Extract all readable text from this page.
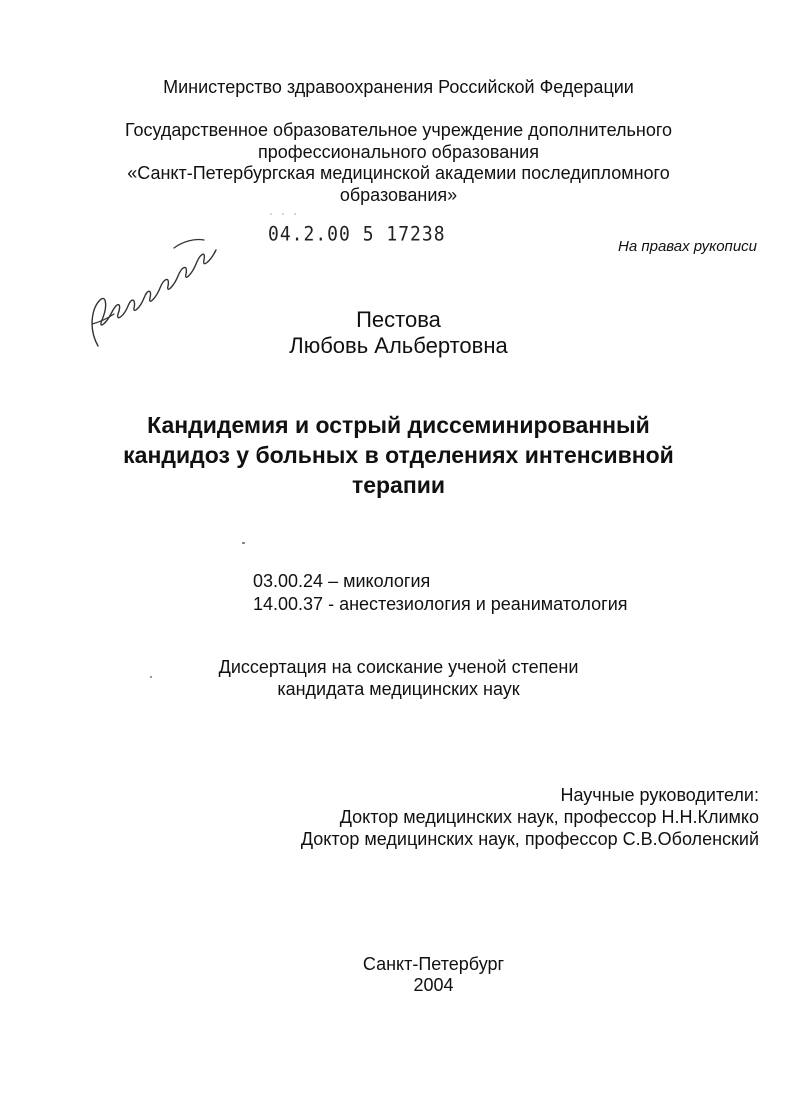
Министерство здравоохранения Российской Федерации
Государственное образовательное учреждение дополнительного
профессионального образования
«Санкт-Петербургская медицинской академии последипломного
образования»
˙ ˙ ˙
04.2.00 5 17238
На правах рукописи
Пестова
Любовь Альбертовна
Кандидемия и острый диссеминированный
кандидоз у больных в отделениях интенсивной
терапии
03.00.24 – микология
14.00.37 - анестезиология и реаниматология
Диссертация на соискание ученой степени
кандидата медицинских наук
Научные руководители:
Доктор медицинских наук, профессор Н.Н.Климко
Доктор медицинских наук, профессор С.В.Оболенский
Санкт-Петербург
2004
